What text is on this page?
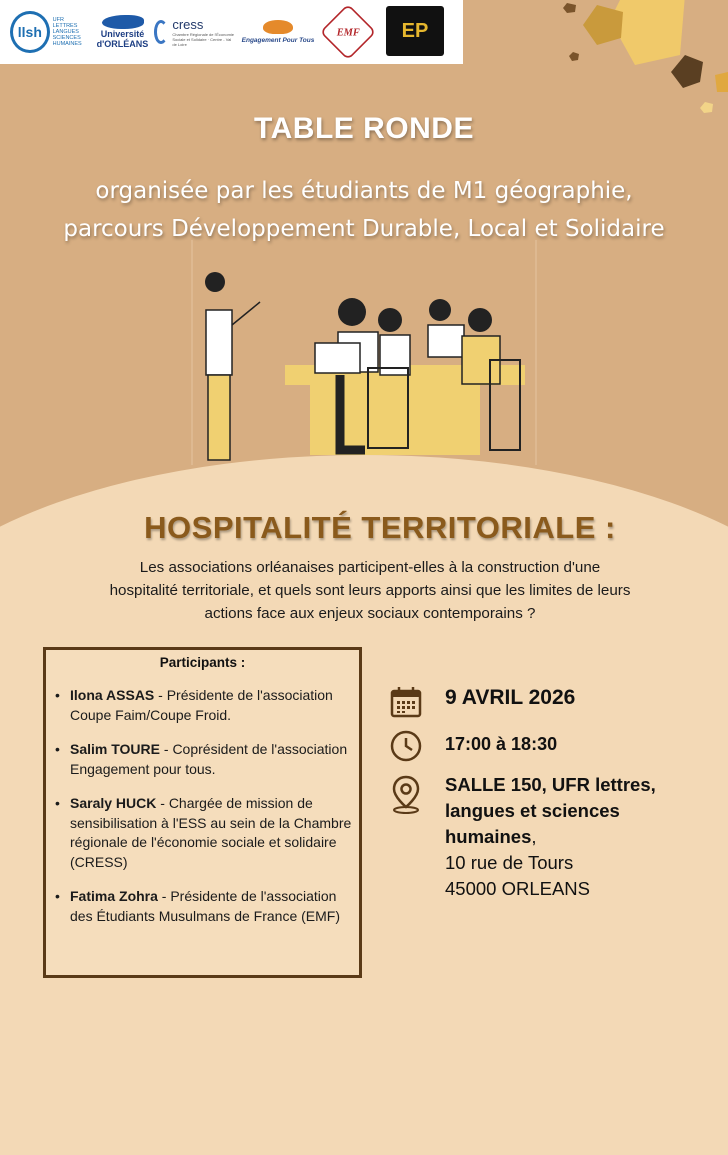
llsh
UFR
LETTRES
LANGUES
SCIENCES
HUMAINES
Université
d'ORLÉANS
cress
Chambre Régionale de l'Économie Sociale et Solidaire · Centre - Val de Loire
Engagement Pour Tous
EMF EP
TABLE RONDE
organisée par les étudiants de M1 géographie,
parcours Développement Durable, Local et Solidaire
HOSPITALITÉ TERRITORIALE :
Les associations orléanaises participent-elles à la construction d'une
hospitalité territoriale, et quels sont leurs apports ainsi que les limites de leurs
actions face aux enjeux sociaux contemporains ?
Participants :
• Ilona ASSAS - Présidente de l'association Coupe Faim/Coupe Froid.
• Salim TOURE - Coprésident de l'association Engagement pour tous.
• Saraly HUCK - Chargée de mission de sensibilisation à l'ESS au sein de la Chambre régionale de l'économie sociale et solidaire (CRESS)
• Fatima Zohra - Présidente de l'association des Étudiants Musulmans de France (EMF)
9 AVRIL 2026
17:00 à 18:30
SALLE 150, UFR lettres, langues et sciences humaines,
10 rue de Tours
45000 ORLEANS
